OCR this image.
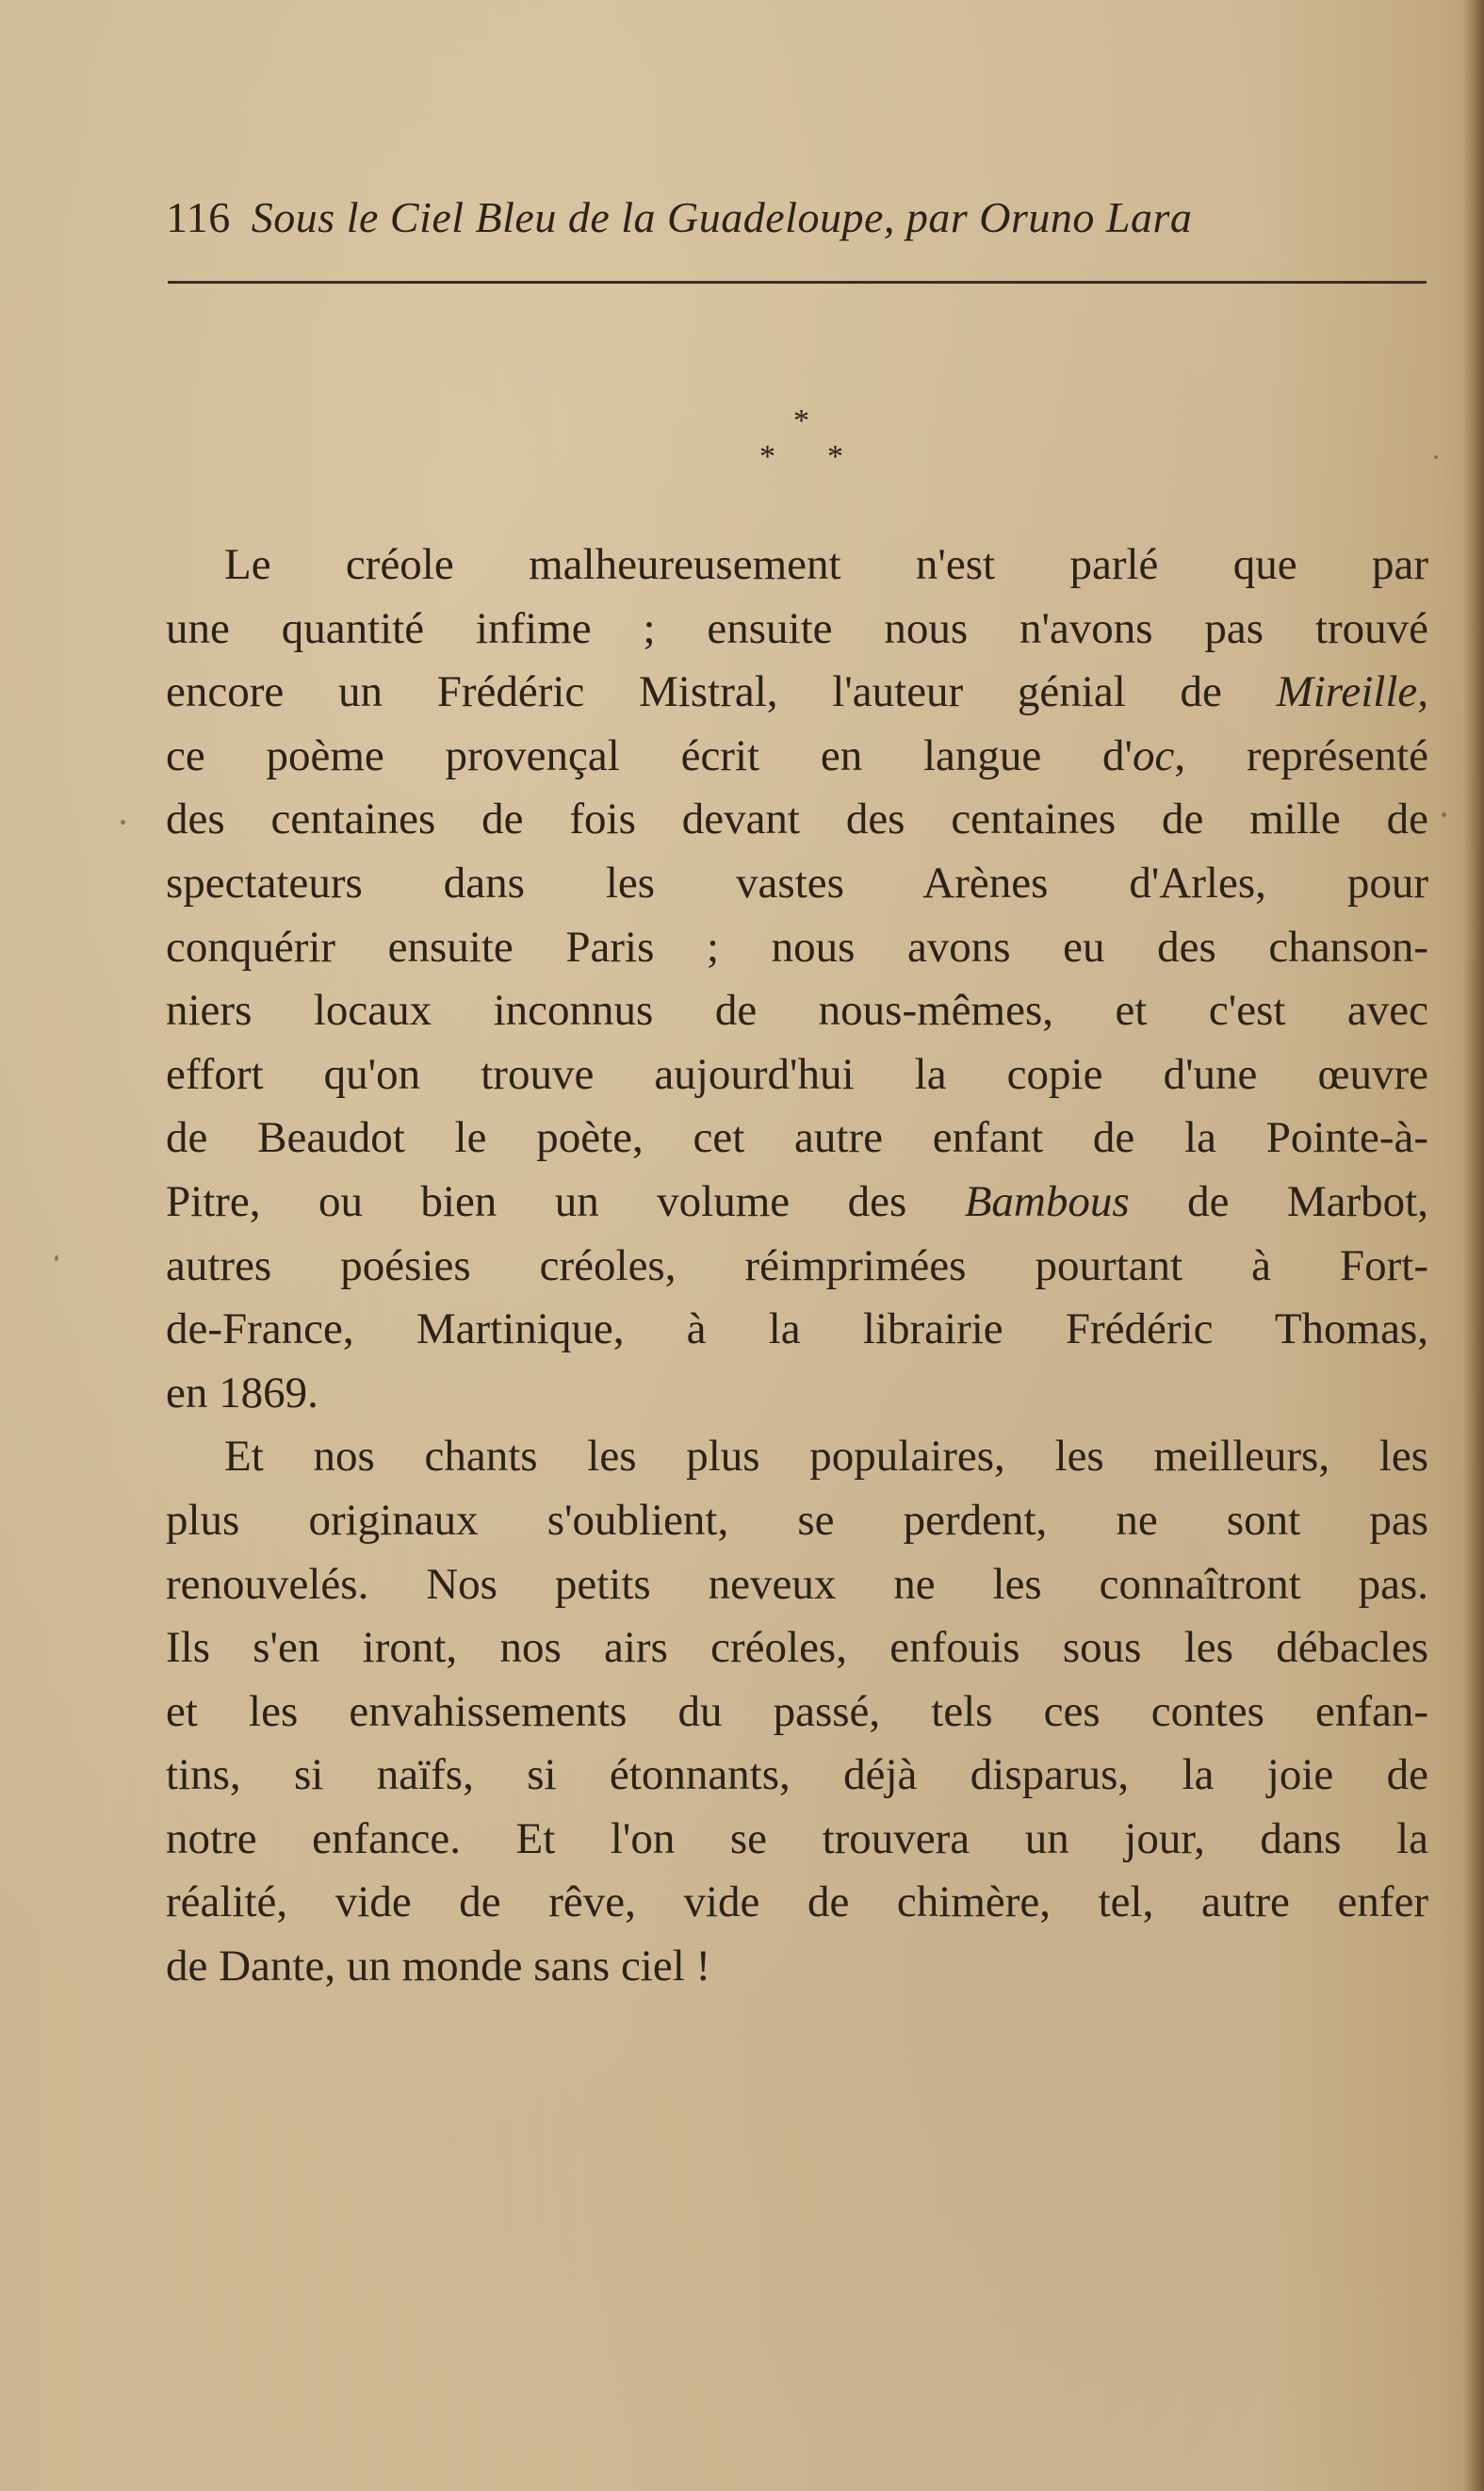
116 Sous le Ciel Bleu de la Guadeloupe, par Oruno Lara
*
* *
Le créole malheureusement n'est parlé que par
une quantité infime ; ensuite nous n'avons pas trouvé
encore un Frédéric Mistral, l'auteur génial de Mireille,
ce poème provençal écrit en langue d'oc, représenté
des centaines de fois devant des centaines de mille de
spectateurs dans les vastes Arènes d'Arles, pour
conquérir ensuite Paris ; nous avons eu des chanson-
niers locaux inconnus de nous-mêmes, et c'est avec
effort qu'on trouve aujourd'hui la copie d'une œuvre
de Beaudot le poète, cet autre enfant de la Pointe-à-
Pitre, ou bien un volume des Bambous de Marbot,
autres poésies créoles, réimprimées pourtant à Fort-
de-France, Martinique, à la librairie Frédéric Thomas,
en 1869.
Et nos chants les plus populaires, les meilleurs, les
plus originaux s'oublient, se perdent, ne sont pas
renouvelés. Nos petits neveux ne les connaîtront pas.
Ils s'en iront, nos airs créoles, enfouis sous les débacles
et les envahissements du passé, tels ces contes enfan-
tins, si naïfs, si étonnants, déjà disparus, la joie de
notre enfance. Et l'on se trouvera un jour, dans la
réalité, vide de rêve, vide de chimère, tel, autre enfer
de Dante, un monde sans ciel !
